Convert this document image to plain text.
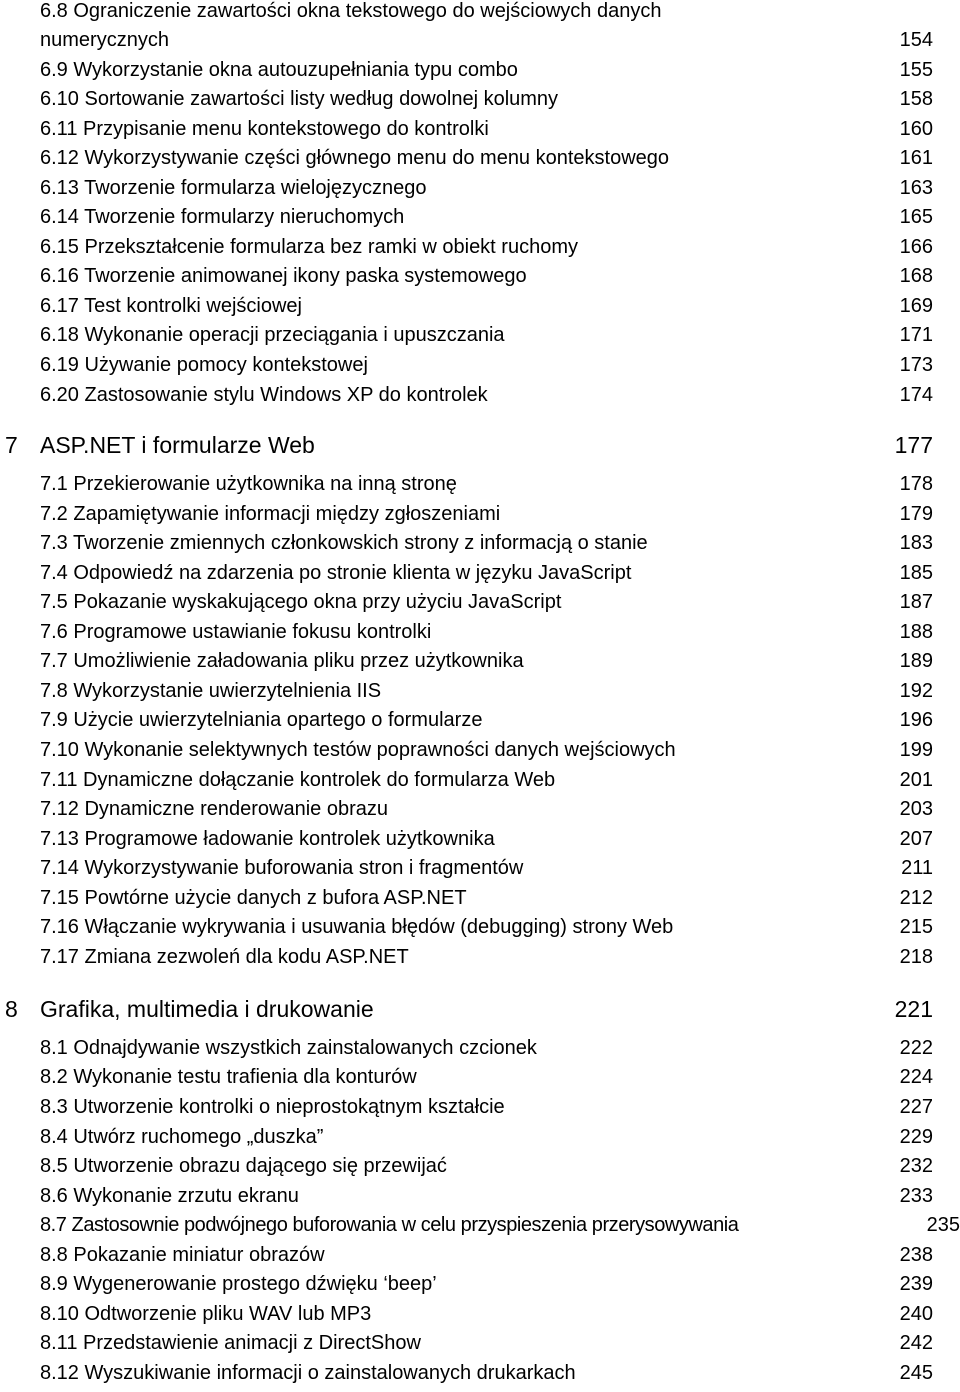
6.8 Ograniczenie zawartości okna tekstowego do wejściowych danych
numerycznych	154
6.9 Wykorzystanie okna autouzupełniania typu combo	155
6.10 Sortowanie zawartości listy według dowolnej kolumny	158
6.11 Przypisanie menu kontekstowego do kontrolki	160
6.12 Wykorzystywanie części głównego menu do menu kontekstowego	161
6.13 Tworzenie formularza wielojęzycznego	163
6.14 Tworzenie formularzy nieruchomych	165
6.15 Przekształcenie formularza bez ramki w obiekt ruchomy	166
6.16 Tworzenie animowanej ikony paska systemowego	168
6.17 Test kontrolki wejściowej	169
6.18 Wykonanie operacji przeciągania i upuszczania	171
6.19 Używanie pomocy kontekstowej	173
6.20 Zastosowanie stylu Windows XP do kontrolek	174
7 ASP.NET i formularze Web	177
7.1 Przekierowanie użytkownika na inną stronę	178
7.2 Zapamiętywanie informacji między zgłoszeniami	179
7.3 Tworzenie zmiennych członkowskich strony z informacją o stanie	183
7.4 Odpowiedź na zdarzenia po stronie klienta w języku JavaScript	185
7.5 Pokazanie wyskakującego okna przy użyciu JavaScript	187
7.6 Programowe ustawianie fokusu kontrolki	188
7.7 Umożliwienie załadowania pliku przez użytkownika	189
7.8 Wykorzystanie uwierzytelnienia IIS	192
7.9 Użycie uwierzytelniania opartego o formularze	196
7.10 Wykonanie selektywnych testów poprawności danych wejściowych	199
7.11 Dynamiczne dołączanie kontrolek do formularza Web	201
7.12 Dynamiczne renderowanie obrazu	203
7.13 Programowe ładowanie kontrolek użytkownika	207
7.14 Wykorzystywanie buforowania stron i fragmentów	211
7.15 Powtórne użycie danych z bufora ASP.NET	212
7.16 Włączanie wykrywania i usuwania błędów (debugging) strony Web	215
7.17 Zmiana zezwoleń dla kodu ASP.NET	218
8 Grafika, multimedia i drukowanie	221
8.1 Odnajdywanie wszystkich zainstalowanych czcionek	222
8.2 Wykonanie testu trafienia dla konturów	224
8.3 Utworzenie kontrolki o nieprostokątnym kształcie	227
8.4 Utwórz ruchomego „duszka”	229
8.5 Utworzenie obrazu dającego się przewijać	232
8.6 Wykonanie zrzutu ekranu	233
8.7 Zastosownie podwójnego buforowania w celu przyspieszenia przerysowywania	235
8.8 Pokazanie miniatur obrazów	238
8.9 Wygenerowanie prostego dźwięku ‘beep’	239
8.10 Odtworzenie pliku WAV lub MP3	240
8.11 Przedstawienie animacji z DirectShow	242
8.12 Wyszukiwanie informacji o zainstalowanych drukarkach	245
